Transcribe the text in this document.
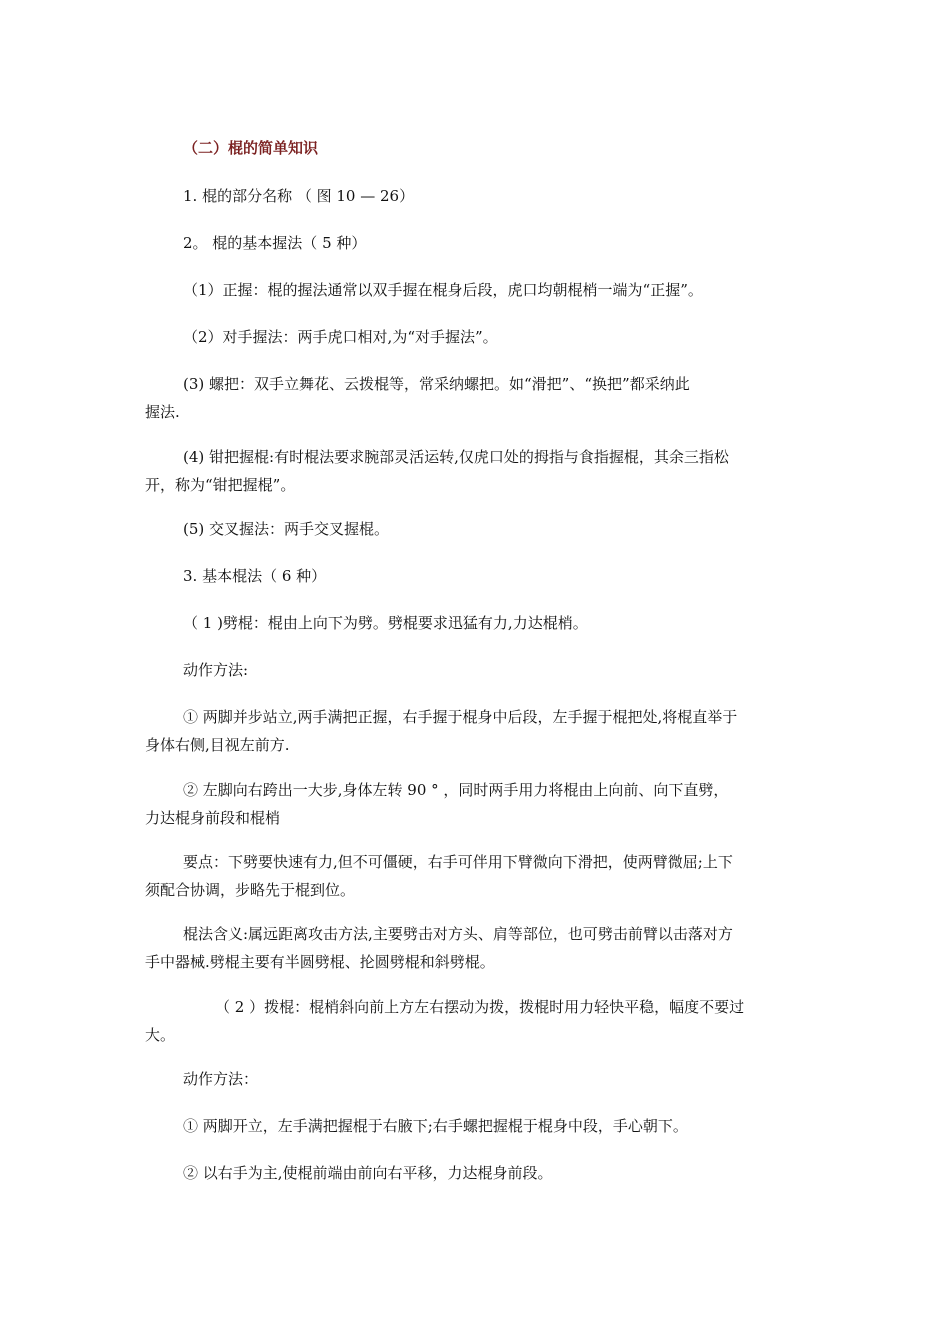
（二）棍的简单知识
1. 棍的部分名称 （ 图 10 — 26）
2。 棍的基本握法（ 5 种）
（1）正握：棍的握法通常以双手握在棍身后段，虎口均朝棍梢一端为“正握”。
（2）对手握法：两手虎口相对,为“对手握法”。
(3) 螺把：双手立舞花、云拨棍等，常采纳螺把。如“滑把”、“换把”都采纳此
握法.
(4) 钳把握棍:有时棍法要求腕部灵活运转,仅虎口处的拇指与食指握棍，其余三指松
开，称为“钳把握棍”。
(5) 交叉握法：两手交叉握棍。
3. 基本棍法（ 6 种）
（ 1 )劈棍：棍由上向下为劈。劈棍要求迅猛有力,力达棍梢。
动作方法:
① 两脚并步站立,两手满把正握，右手握于棍身中后段，左手握于棍把处,将棍直举于
身体右侧,目视左前方.
② 左脚向右跨出一大步,身体左转 90 ° ，同时两手用力将棍由上向前、向下直劈，
力达棍身前段和棍梢
要点：下劈要快速有力,但不可僵硬，右手可伴用下臂微向下滑把，使两臂微屈;上下
须配合协调，步略先于棍到位。
棍法含义:属远距离攻击方法,主要劈击对方头、肩等部位，也可劈击前臂以击落对方
手中器械.劈棍主要有半圆劈棍、抡圆劈棍和斜劈棍。
（ 2 ）拨棍：棍梢斜向前上方左右摆动为拨，拨棍时用力轻快平稳，幅度不要过
大。
动作方法：
① 两脚开立，左手满把握棍于右腋下;右手螺把握棍于棍身中段，手心朝下。
② 以右手为主,使棍前端由前向右平移，力达棍身前段。
